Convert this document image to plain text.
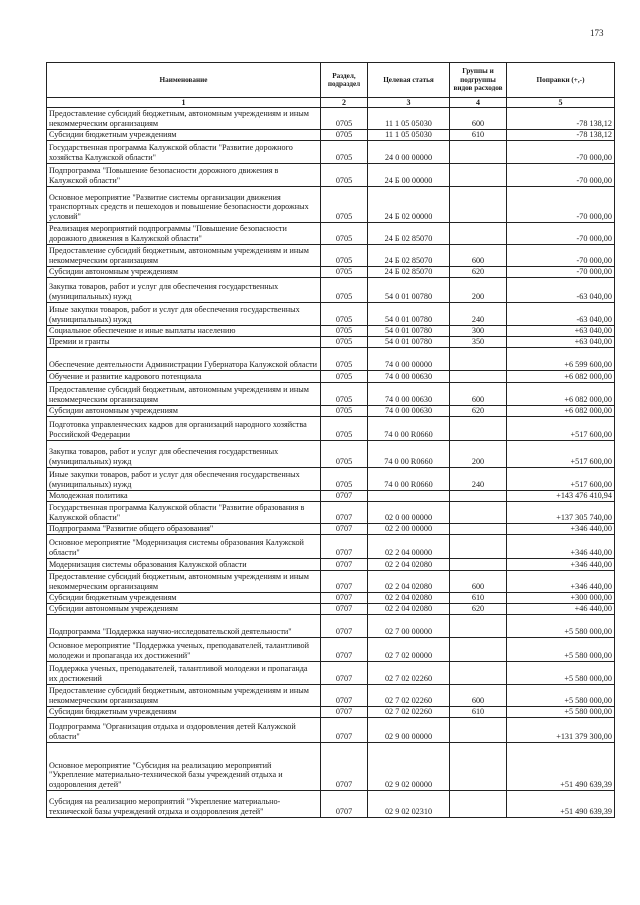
173
Наименование	Раздел, подраздел	Целевая статья	Группы и подгруппы видов расходов	Поправки (+,-)
1	2	3	4	5
Предоставление субсидий бюджетным, автономным учреждениям и иным некоммерческим организациям	0705	11 1 05 05030	600	-78 138,12
Субсидии бюджетным учреждениям	0705	11 1 05 05030	610	-78 138,12
Государственная программа Калужской области "Развитие дорожного хозяйства Калужской области"	0705	24 0 00 00000		-70 000,00
Подпрограмма "Повышение безопасности дорожного движения в Калужской области"	0705	24 Б 00 00000		-70 000,00
Основное мероприятие "Развитие системы организации движения транспортных средств и пешеходов и повышение безопасности дорожных условий"	0705	24 Б 02 00000		-70 000,00
Реализация мероприятий подпрограммы "Повышение безопасности дорожного движения в Калужской области"	0705	24 Б 02 85070		-70 000,00
Предоставление субсидий бюджетным, автономным учреждениям и иным некоммерческим организациям	0705	24 Б 02 85070	600	-70 000,00
Субсидии автономным учреждениям	0705	24 Б 02 85070	620	-70 000,00
Закупка товаров, работ и услуг для обеспечения государственных (муниципальных) нужд	0705	54 0 01 00780	200	-63 040,00
Иные закупки товаров, работ и услуг для обеспечения государственных (муниципальных) нужд	0705	54 0 01 00780	240	-63 040,00
Социальное обеспечение и иные выплаты населению	0705	54 0 01 00780	300	+63 040,00
Премии и гранты	0705	54 0 01 00780	350	+63 040,00
Обеспечение деятельности Администрации Губернатора Калужской области	0705	74 0 00 00000		+6 599 600,00
Обучение и развитие кадрового потенциала	0705	74 0 00 00630		+6 082 000,00
Предоставление субсидий бюджетным, автономным учреждениям и иным некоммерческим организациям	0705	74 0 00 00630	600	+6 082 000,00
Субсидии автономным учреждениям	0705	74 0 00 00630	620	+6 082 000,00
Подготовка управленческих кадров для организаций народного хозяйства Российской Федерации	0705	74 0 00 R0660		+517 600,00
Закупка товаров, работ и услуг для обеспечения государственных (муниципальных) нужд	0705	74 0 00 R0660	200	+517 600,00
Иные закупки товаров, работ и услуг для обеспечения государственных (муниципальных) нужд	0705	74 0 00 R0660	240	+517 600,00
Молодежная политика	0707			+143 476 410,94
Государственная программа Калужской области "Развитие образования в Калужской области"	0707	02 0 00 00000		+137 305 740,00
Подпрограмма "Развитие общего образования"	0707	02 2 00 00000		+346 440,00
Основное мероприятие "Модернизация системы образования Калужской области"	0707	02 2 04 00000		+346 440,00
Модернизация системы образования Калужской области	0707	02 2 04 02080		+346 440,00
Предоставление субсидий бюджетным, автономным учреждениям и иным некоммерческим организациям	0707	02 2 04 02080	600	+346 440,00
Субсидии бюджетным учреждениям	0707	02 2 04 02080	610	+300 000,00
Субсидии автономным учреждениям	0707	02 2 04 02080	620	+46 440,00
Подпрограмма "Поддержка научно-исследовательской деятельности"	0707	02 7 00 00000		+5 580 000,00
Основное мероприятие "Поддержка ученых, преподавателей, талантливой молодежи и пропаганда их достижений"	0707	02 7 02 00000		+5 580 000,00
Поддержка ученых, преподавателей, талантливой молодежи и пропаганда их достижений	0707	02 7 02 02260		+5 580 000,00
Предоставление субсидий бюджетным, автономным учреждениям и иным некоммерческим организациям	0707	02 7 02 02260	600	+5 580 000,00
Субсидии бюджетным учреждениям	0707	02 7 02 02260	610	+5 580 000,00
Подпрограмма "Организация отдыха и оздоровления детей Калужской области"	0707	02 9 00 00000		+131 379 300,00
Основное мероприятие "Субсидия на реализацию мероприятий "Укрепление материально-технической базы учреждений отдыха и оздоровления детей"	0707	02 9 02 00000		+51 490 639,39
Субсидия на реализацию мероприятий "Укрепление материально-технической базы учреждений отдыха и оздоровления детей"	0707	02 9 02 02310		+51 490 639,39
